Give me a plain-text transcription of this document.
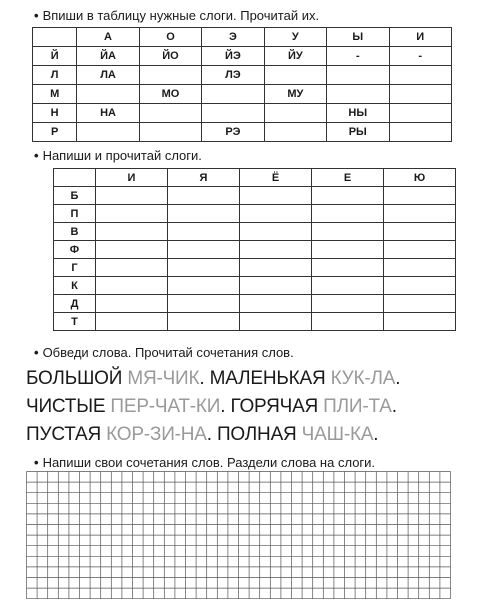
• Впиши в таблицу нужные слоги. Прочитай их.
	А	О	Э	У	Ы	И
Й	ЙА	ЙО	ЙЭ	ЙУ	-	-
Л	ЛА		ЛЭ			
М		МО		МУ		
Н	НА				НЫ	
Р			РЭ		РЫ	
• Напиши и прочитай слоги.
	И	Я	Ё	Е	Ю
Б					
П					
В					
Ф					
Г					
К					
Д					
Т					
• Обведи слова. Прочитай сочетания слов.
БОЛЬШОЙ МЯ-ЧИК. МАЛЕНЬКАЯ КУК-ЛА.
ЧИСТЫЕ ПЕР-ЧАТ-КИ. ГОРЯЧАЯ ПЛИ-ТА.
ПУСТАЯ КОР-ЗИ-НА. ПОЛНАЯ ЧАШ-КА.
• Напиши свои сочетания слов. Раздели слова на слоги.
